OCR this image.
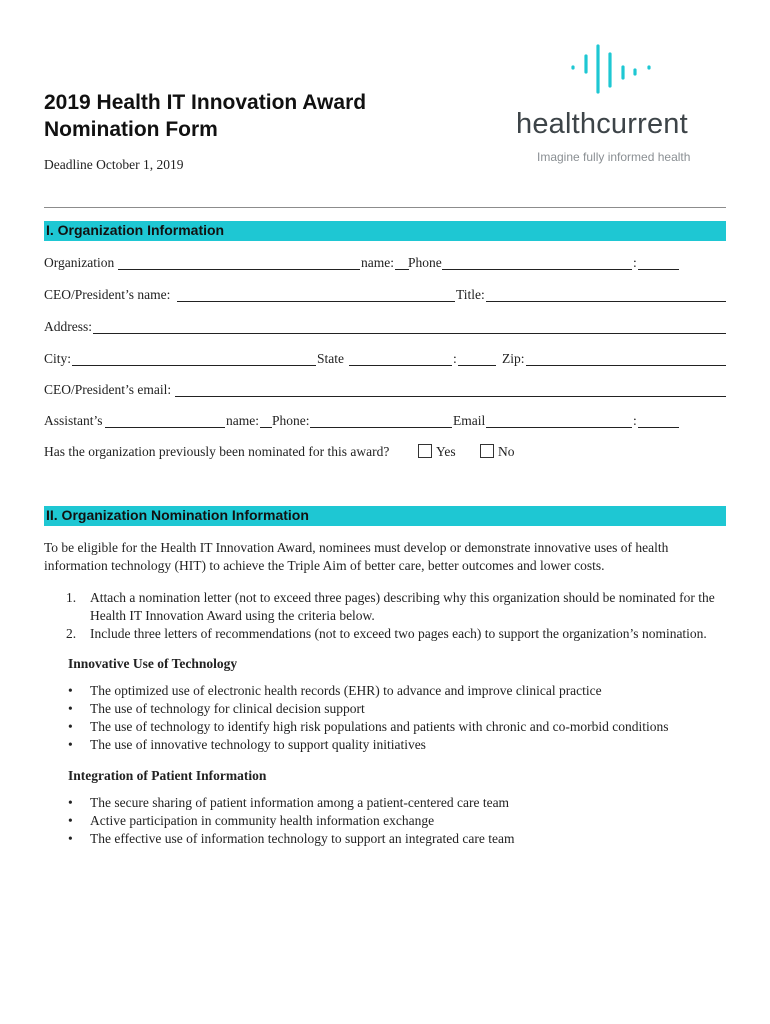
2019 Health IT Innovation Award
Nomination Form
Deadline October 1, 2019
healthcurrent
Imagine fully informed health
I. Organization Information
Organization	name: Phone	:
CEO/President’s name:	Title:
Address:
City:	State	:	Zip:
CEO/President’s email:
Assistant’s	name: Phone:	Email	:
Has the organization previously been nominated for this award?	Yes	No
II. Organization Nomination Information
To be eligible for the Health IT Innovation Award, nominees must develop or demonstrate innovative uses of health
information technology (HIT) to achieve the Triple Aim of better care, better outcomes and lower costs.
1. Attach a nomination letter (not to exceed three pages) describing why this organization should be nominated for the
Health IT Innovation Award using the criteria below.
2. Include three letters of recommendations (not to exceed two pages each) to support the organization’s nomination.
Innovative Use of Technology
• The optimized use of electronic health records (EHR) to advance and improve clinical practice
• The use of technology for clinical decision support
• The use of technology to identify high risk populations and patients with chronic and co-morbid conditions
• The use of innovative technology to support quality initiatives
Integration of Patient Information
• The secure sharing of patient information among a patient-centered care team
• Active participation in community health information exchange
• The effective use of information technology to support an integrated care team
